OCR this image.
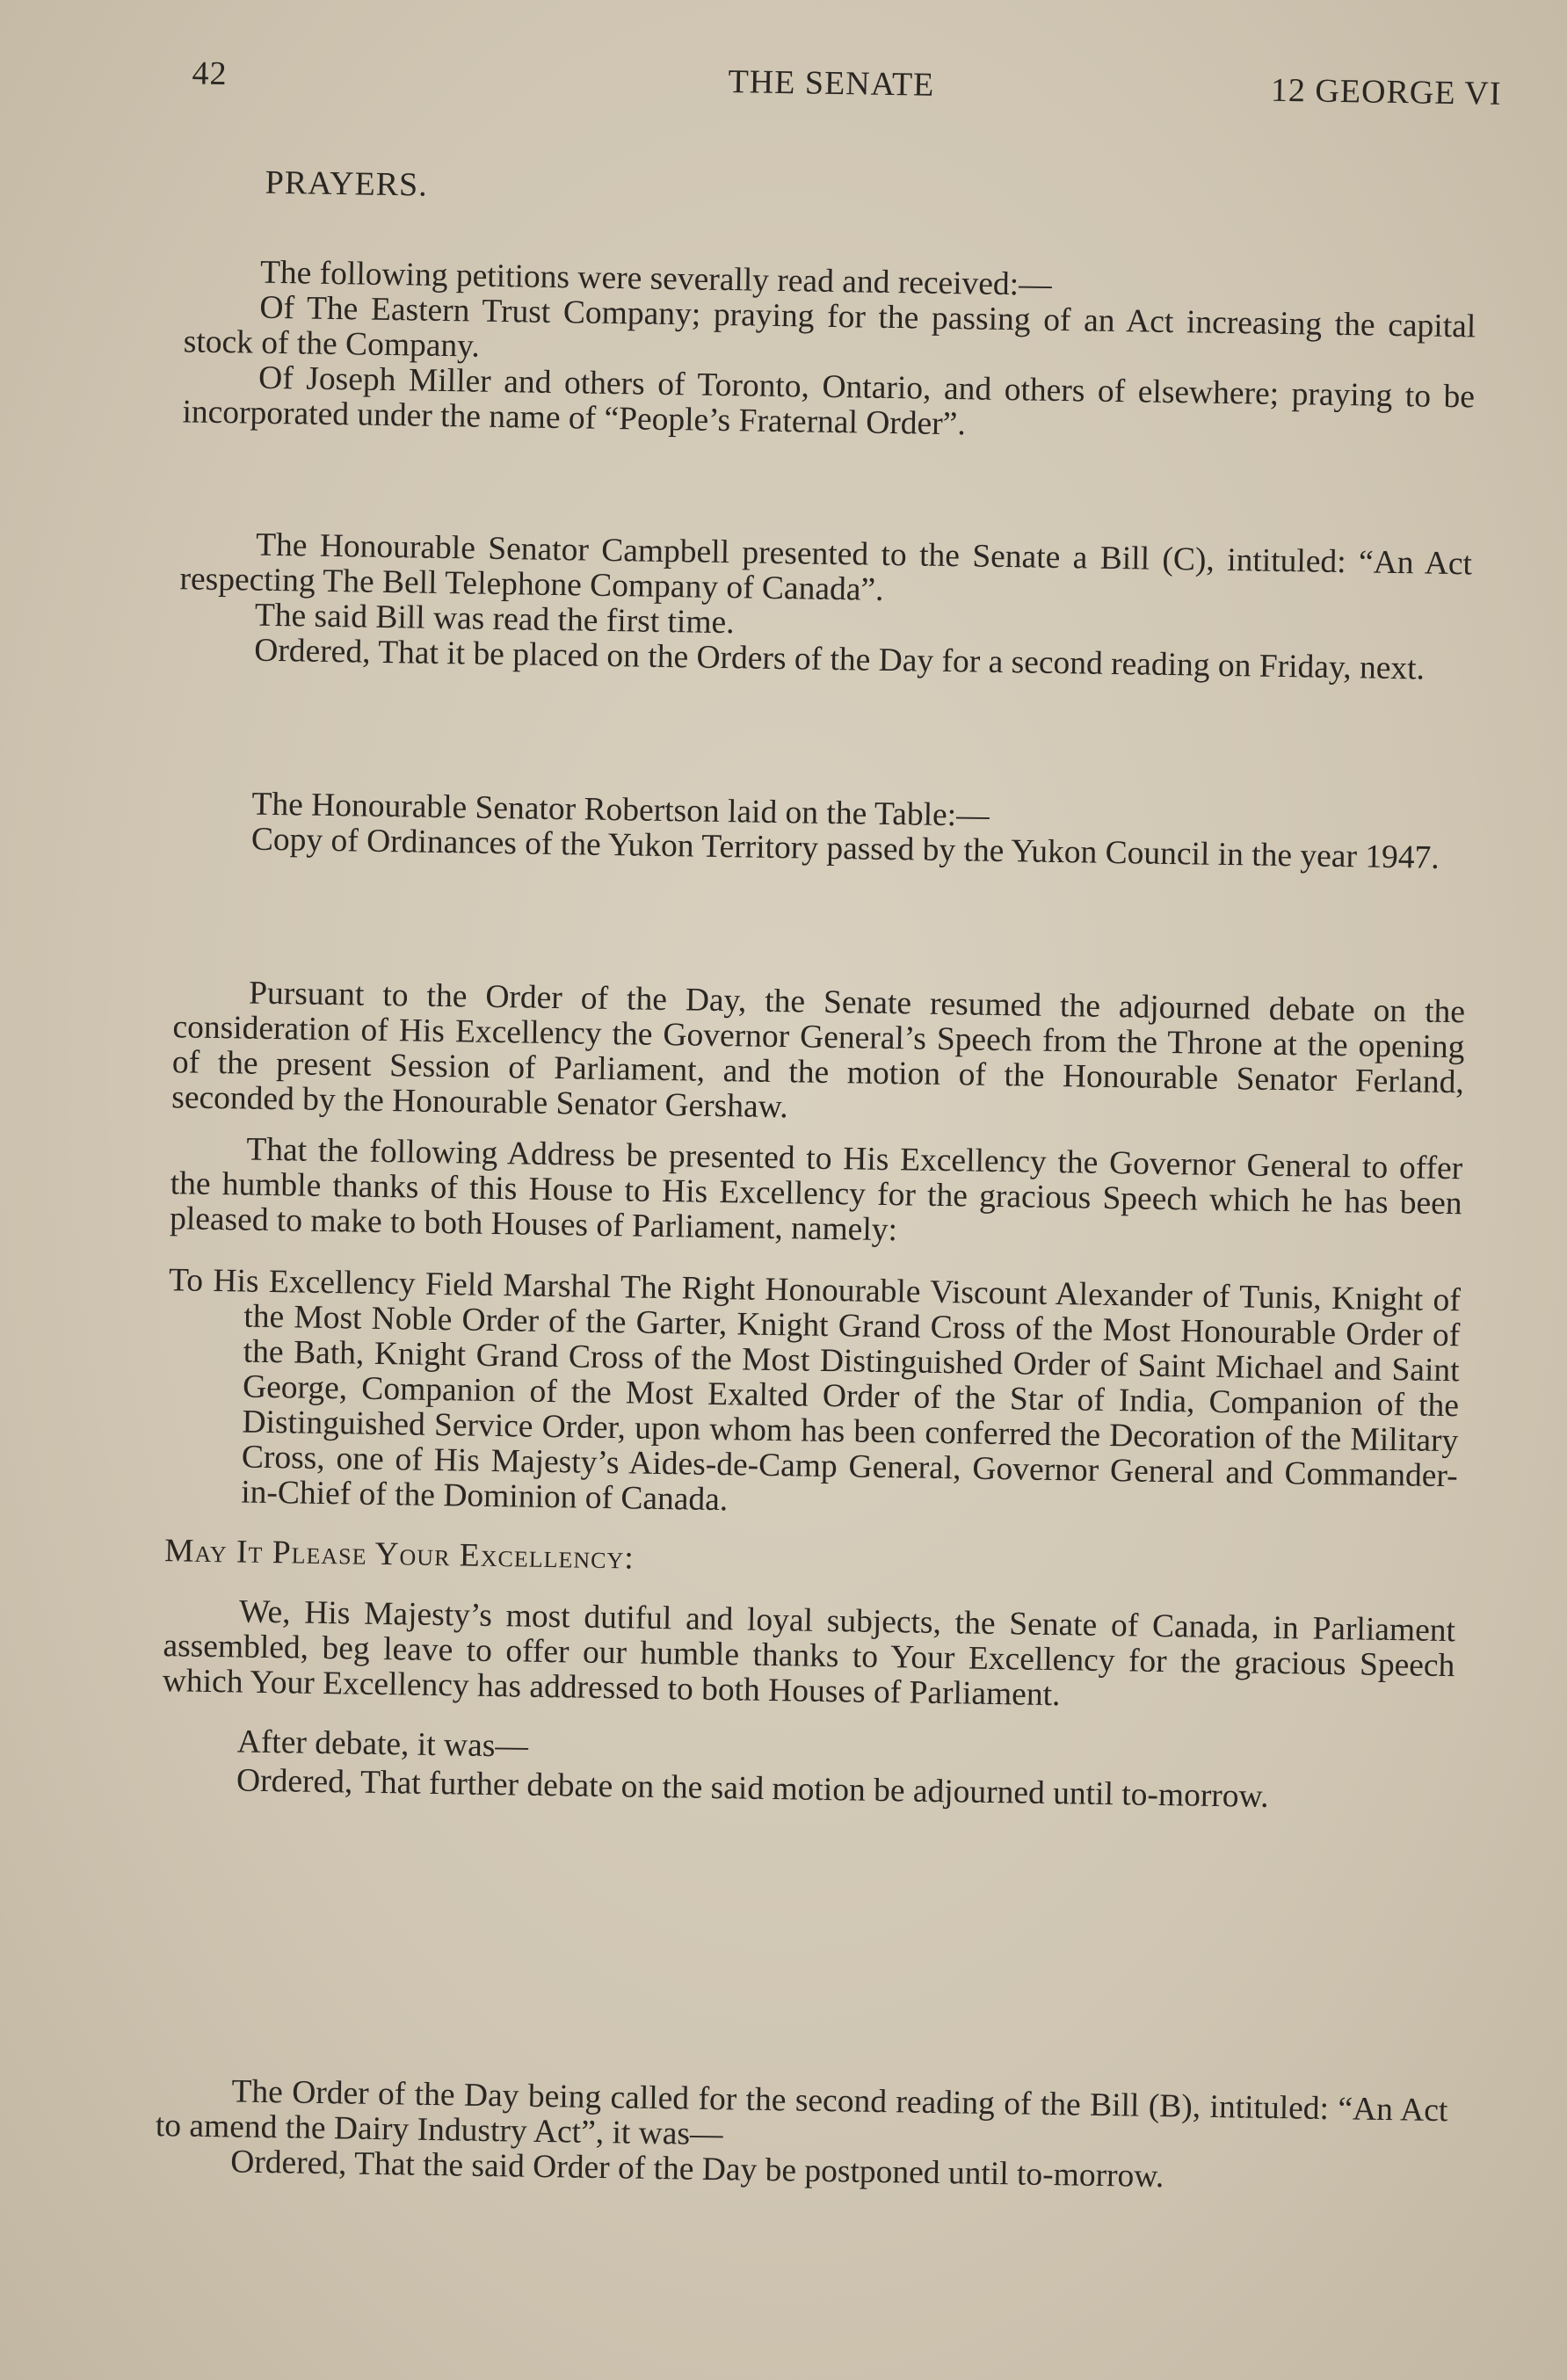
42	THE SENATE	12 GEORGE VI
PRAYERS.

The following petitions were severally read and received:—

Of The Eastern Trust Company; praying for the passing of an Act increasing the capital stock of the Company.

Of Joseph Miller and others of Toronto, Ontario, and others of elsewhere; praying to be incorporated under the name of “People’s Fraternal Order”.

The Honourable Senator Campbell presented to the Senate a Bill (C), intituled: “An Act respecting The Bell Telephone Company of Canada”.

The said Bill was read the first time.

Ordered, That it be placed on the Orders of the Day for a second reading on Friday, next.

The Honourable Senator Robertson laid on the Table:—

Copy of Ordinances of the Yukon Territory passed by the Yukon Council in the year 1947.

Pursuant to the Order of the Day, the Senate resumed the adjourned debate on the consideration of His Excellency the Governor General’s Speech from the Throne at the opening of the present Session of Parliament, and the motion of the Honourable Senator Ferland, seconded by the Honourable Senator Gershaw.

That the following Address be presented to His Excellency the Governor General to offer the humble thanks of this House to His Excellency for the gracious Speech which he has been pleased to make to both Houses of Parliament, namely:

To His Excellency Field Marshal The Right Honourable Viscount Alexander of Tunis, Knight of the Most Noble Order of the Garter, Knight Grand Cross of the Most Honourable Order of the Bath, Knight Grand Cross of the Most Distinguished Order of Saint Michael and Saint George, Companion of the Most Exalted Order of the Star of India, Companion of the Distinguished Service Order, upon whom has been conferred the Decoration of the Military Cross, one of His Majesty’s Aides-de-Camp General, Governor General and Commander-in-Chief of the Dominion of Canada.

May It Please Your Excellency:

We, His Majesty’s most dutiful and loyal subjects, the Senate of Canada, in Parliament assembled, beg leave to offer our humble thanks to Your Excellency for the gracious Speech which Your Excellency has addressed to both Houses of Parliament.

After debate, it was—

Ordered, That further debate on the said motion be adjourned until to-morrow.

The Order of the Day being called for the second reading of the Bill (B), intituled: “An Act to amend the Dairy Industry Act”, it was—

Ordered, That the said Order of the Day be postponed until to-morrow.
